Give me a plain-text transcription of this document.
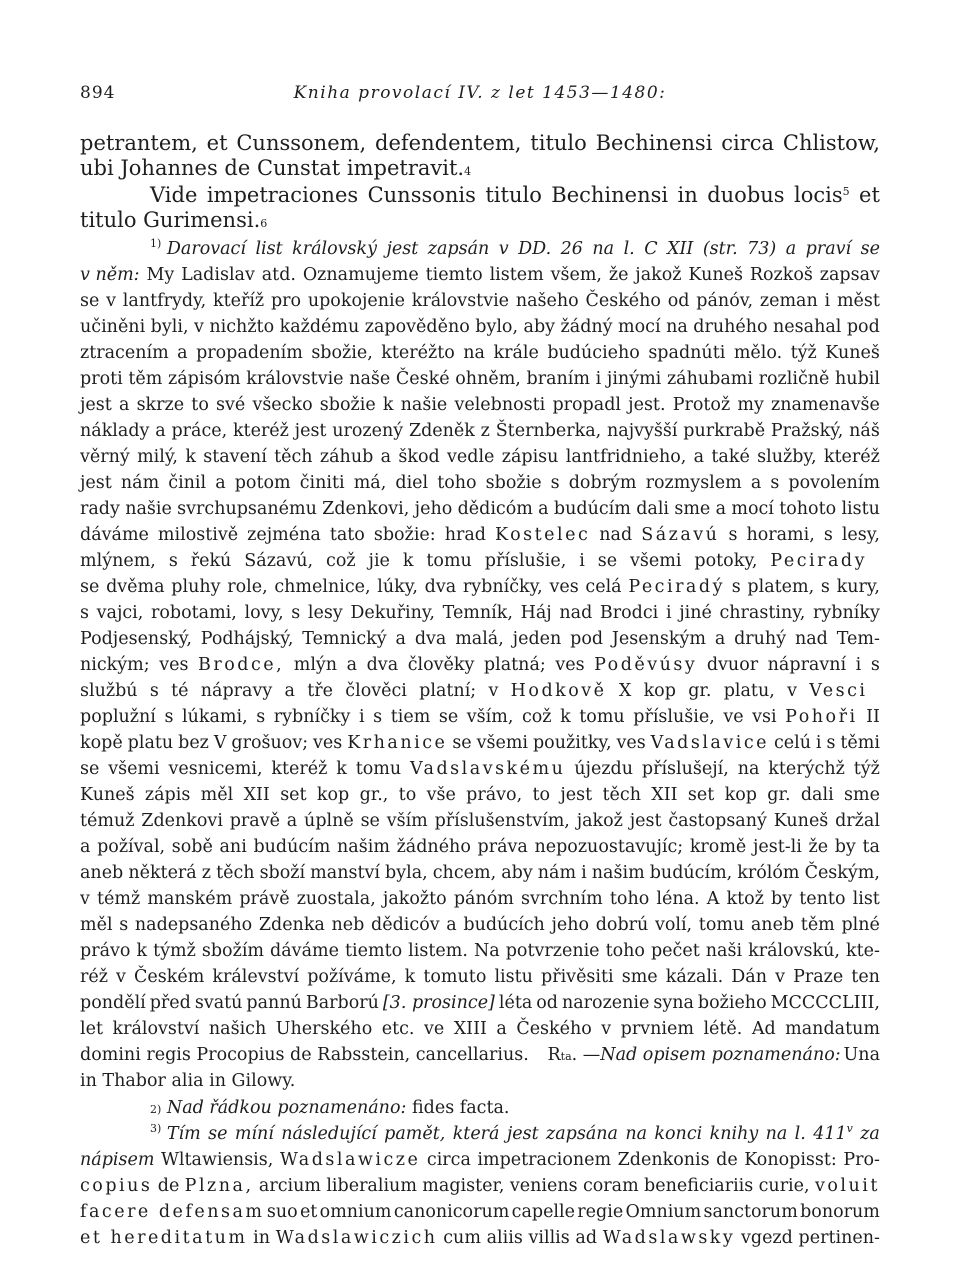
894	Kniha provolací IV. z let 1453—1480:
petrantem, et Cunssonem, defendentem, titulo Bechinensi circa Chlistow,
ubi Johannes de Cunstat impetravit. 4
Vide impetraciones Cunssonis titulo Bechinensi in duobus locis$^5$ et
titulo Gurimensi. 6
$^{1)}$ Darovací list královský jest zapsán v DD. 26 na l. C XII (str. 73) a praví se
v něm: My Ladislav atd. Oznamujeme tiemto listem všem, že jakož Kuneš Rozkoš zapsav
se v lantfrydy, kteříž pro upokojenie královstvie našeho Českého od pánóv, zeman i měst
učiněni byli, v nichžto každému zapověděno bylo, aby žádný mocí na druhého nesahal pod
ztracením a propadením sbožie, kteréžto na krále budúcieho spadnúti mělo. týž Kuneš
proti těm zápisóm královstvie naše České ohněm, braním i jinými záhubami rozličně hubil
jest a skrze to své všecko sbožie k našie velebnosti propadl jest. Protož my znamenavše
náklady a práce, kteréž jest urozený Zdeněk z Šternberka, najvyšší purkrabě Pražský, náš
věrný milý, k stavení těch záhub a škod vedle zápisu lantfridnieho, a také služby, kteréž
jest nám činil a potom činiti má, diel toho sbožie s dobrým rozmyslem a s povolením
rady našie svrchupsanému Zdenkovi, jeho dědicóm a budúcím dali sme a mocí tohoto listu
dáváme milostivě zejména tato sbožie: hrad Kostelec nad Sázavú s horami, s lesy,
mlýnem, s řekú Sázavú, což jie k tomu příslušie, i se všemi potoky, Pecirady
se dvěma pluhy role, chmelnice, lúky, dva rybníčky, ves celá Peciradý s platem, s kury,
s vajci, robotami, lovy, s lesy Dekuřiny, Temník, Háj nad Brodci i jiné chrastiny, rybníky
Podjesenský, Podhájský, Temnický a dva malá, jeden pod Jesenským a druhý nad Tem-
nickým; ves Brodce, mlýn a dva člověky platná; ves Poděvúsy dvuor nápravní i s
službú s té nápravy a tře člověci platní; v Hodkově X kop gr. platu, v Vesci
poplužní s lúkami, s rybníčky i s tiem se vším, což k tomu příslušie, ve vsi Pohoři II
kopě platu bez V grošuov; ves Krhanice se všemi použitky, ves Vadslavice celú i s těmi
se všemi vesnicemi, kteréž k tomu Vadslavskému újezdu příslušejí, na kterýchž týž
Kuneš zápis měl XII set kop gr., to vše právo, to jest těch XII set kop gr. dali sme
témuž Zdenkovi pravě a úplně se vším příslušenstvím, jakož jest častopsaný Kuneš držal
a požíval, sobě ani budúcím našim žádného práva nepozuostavujíc; kromě jest-li že by ta
aneb některá z těch sboží manství byla, chcem, aby nám i našim budúcím, królóm Českým,
v témž manském právě zuostala, jakožto pánóm svrchním toho léna. A ktož by tento list
měl s nadepsaného Zdenka neb dědicóv a budúcích jeho dobrú volí, tomu aneb těm plné
právo k týmž sbožím dáváme tiemto listem. Na potvrzenie toho pečet naši královskú, kte-
réž v Českém králevství požíváme, k tomuto listu přivěsiti sme kázali. Dán v Praze ten
pondělí před svatú pannú Barború [3. prosince] léta od narozenie syna božieho MCCCCLIII,
let království našich Uherského etc. ve XIII a Českého v prvniem létě. Ad mandatum
domini regis Procopius de Rabsstein, cancellarius. R ta . — Nad opisem poznamenáno: Una
in Thabor alia in Gilowy.
2)
Nad řádkou poznamenáno:
fides facta.
$^{3)}$ Tím se míní následující pamět, která jest zapsána na konci knihy na l. 411$^v$ za
nápisem Wltawiensis, Wadslawicze circa impetracionem Zdenkonis de Konopisst: Pro-
copius de Plzna, arcium liberalium magister, veniens coram beneficiariis curie, voluit
facere defensam suo et omnium canonicorum capelle regie Omnium sanctorum bonorum
et hereditatum in Wadslawiczich cum aliis villis ad Wadslawsky vgezd pertinen-
